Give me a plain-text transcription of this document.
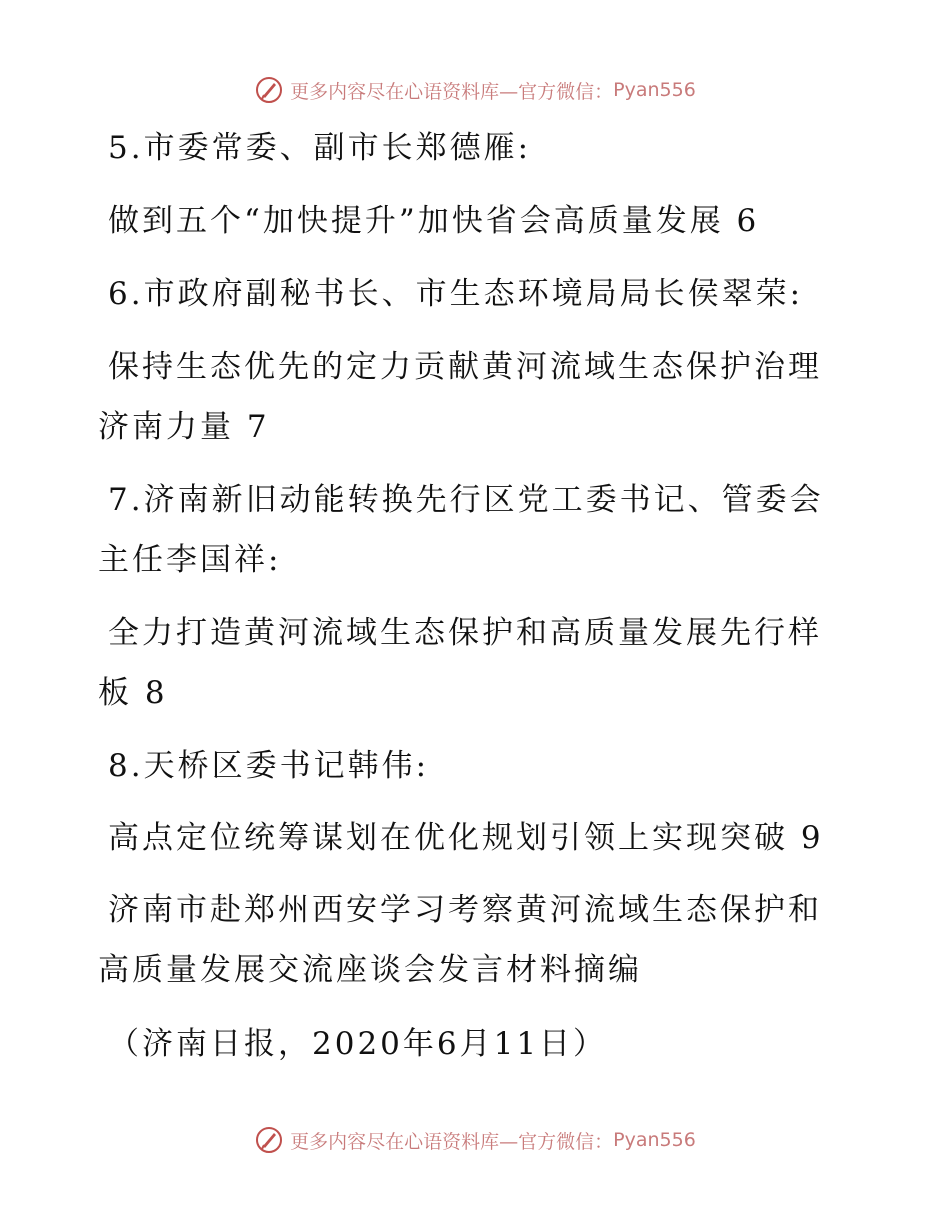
更多内容尽在心语资料库—官方微信： Pyan556
5.市委常委、副市长郑德雁:
做到五个“加快提升”加快省会高质量发展 6
6.市政府副秘书长、市生态环境局局长侯翠荣:
保持生态优先的定力贡献黄河流域生态保护治理
济南力量 7
7.济南新旧动能转换先行区党工委书记、管委会
主任李国祥:
全力打造黄河流域生态保护和高质量发展先行样
板 8
8.天桥区委书记韩伟:
高点定位统筹谋划在优化规划引领上实现突破 9
济南市赴郑州西安学习考察黄河流域生态保护和
高质量发展交流座谈会发言材料摘编
（济南日报，2020年6月11日）
更多内容尽在心语资料库—官方微信： Pyan556
